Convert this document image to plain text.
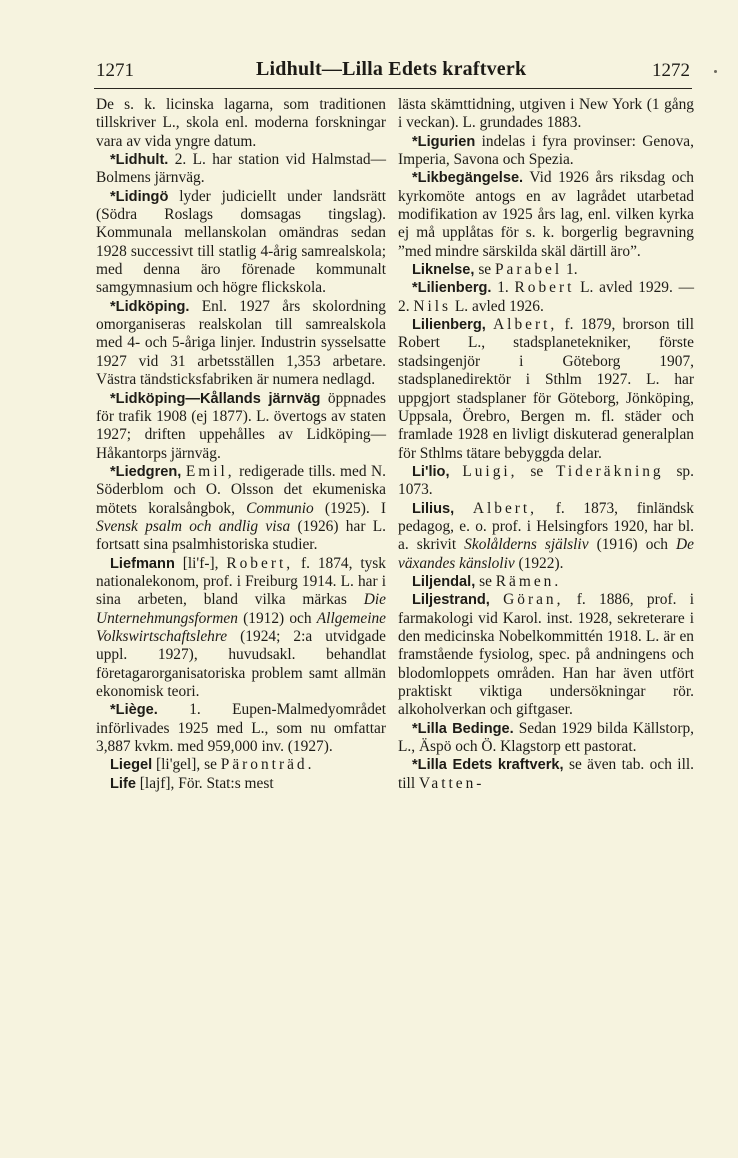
1271	Lidhult—Lilla Edets kraftverk	1272

De s. k. licinska lagarna, som traditionen tillskriver L., skola enl. moderna forskningar vara av vida yngre datum.

*Lidhult. 2. L. har station vid Halmstad—Bolmens järnväg.

*Lidingö lyder judiciellt under landsrätt (Södra Roslags domsagas tingslag). Kommunala mellanskolan omändras sedan 1928 successivt till statlig 4-årig samrealskola; med denna äro förenade kommunalt samgymnasium och högre flickskola.

*Lidköping. Enl. 1927 års skolordning omorganiseras realskolan till samrealskola med 4- och 5-åriga linjer. Industrin sysselsatte 1927 vid 31 arbetsställen 1,353 arbetare. Västra tändsticksfabriken är numera nedlagd.

*Lidköping—Kållands järnväg öppnades för trafik 1908 (ej 1877). L. övertogs av staten 1927; driften uppehålles av Lidköping—Håkantorps järnväg.

*Liedgren, Emil, redigerade tills. med N. Söderblom och O. Olsson det ekumeniska mötets koralsångbok, Communio (1925). I Svensk psalm och andlig visa (1926) har L. fortsatt sina psalmhistoriska studier.

Liefmann [li'f-], Robert, f. 1874, tysk nationalekonom, prof. i Freiburg 1914. L. har i sina arbeten, bland vilka märkas Die Unternehmungsformen (1912) och Allgemeine Volkswirtschaftslehre (1924; 2:a utvidgade uppl. 1927), huvudsakl. behandlat företagarorganisatoriska problem samt allmän ekonomisk teori.

*Liège. 1. Eupen-Malmedyområdet införlivades 1925 med L., som nu omfattar 3,887 kvkm. med 959,000 inv. (1927).

Liegel [li'gel], se Päronträd.

Life [lajf], För. Stat:s mest

lästa skämttidning, utgiven i New York (1 gång i veckan). L. grundades 1883.

*Ligurien indelas i fyra provinser: Genova, Imperia, Savona och Spezia.

*Likbegängelse. Vid 1926 års riksdag och kyrkomöte antogs en av lagrådet utarbetad modifikation av 1925 års lag, enl. vilken kyrka ej må upplåtas för s. k. borgerlig begravning ”med mindre särskilda skäl därtill äro”.

Liknelse, se Parabel 1.

*Lilienberg. 1. Robert L. avled 1929. — 2. Nils L. avled 1926.

Lilienberg, Albert, f. 1879, brorson till Robert L., stadsplanetekniker, förste stadsingenjör i Göteborg 1907, stadsplanedirektör i Sthlm 1927. L. har uppgjort stadsplaner för Göteborg, Jönköping, Uppsala, Örebro, Bergen m. fl. städer och framlade 1928 en livligt diskuterad generalplan för Sthlms tätare bebyggda delar.

Li'lio, Luigi, se Tideräkning sp. 1073.

Lilius, Albert, f. 1873, finländsk pedagog, e. o. prof. i Helsingfors 1920, har bl. a. skrivit Skolålderns själsliv (1916) och De växandes känsloliv (1922).

Liljendal, se Rämen.

Liljestrand, Göran, f. 1886, prof. i farmakologi vid Karol. inst. 1928, sekreterare i den medicinska Nobelkommittén 1918. L. är en framstående fysiolog, spec. på andningens och blodomloppets områden. Han har även utfört praktiskt viktiga undersökningar rör. alkoholverkan och giftgaser.

*Lilla Bedinge. Sedan 1929 bilda Källstorp, L., Äspö och Ö. Klagstorp ett pastorat.

*Lilla Edets kraftverk, se även tab. och ill. till Vatten-
